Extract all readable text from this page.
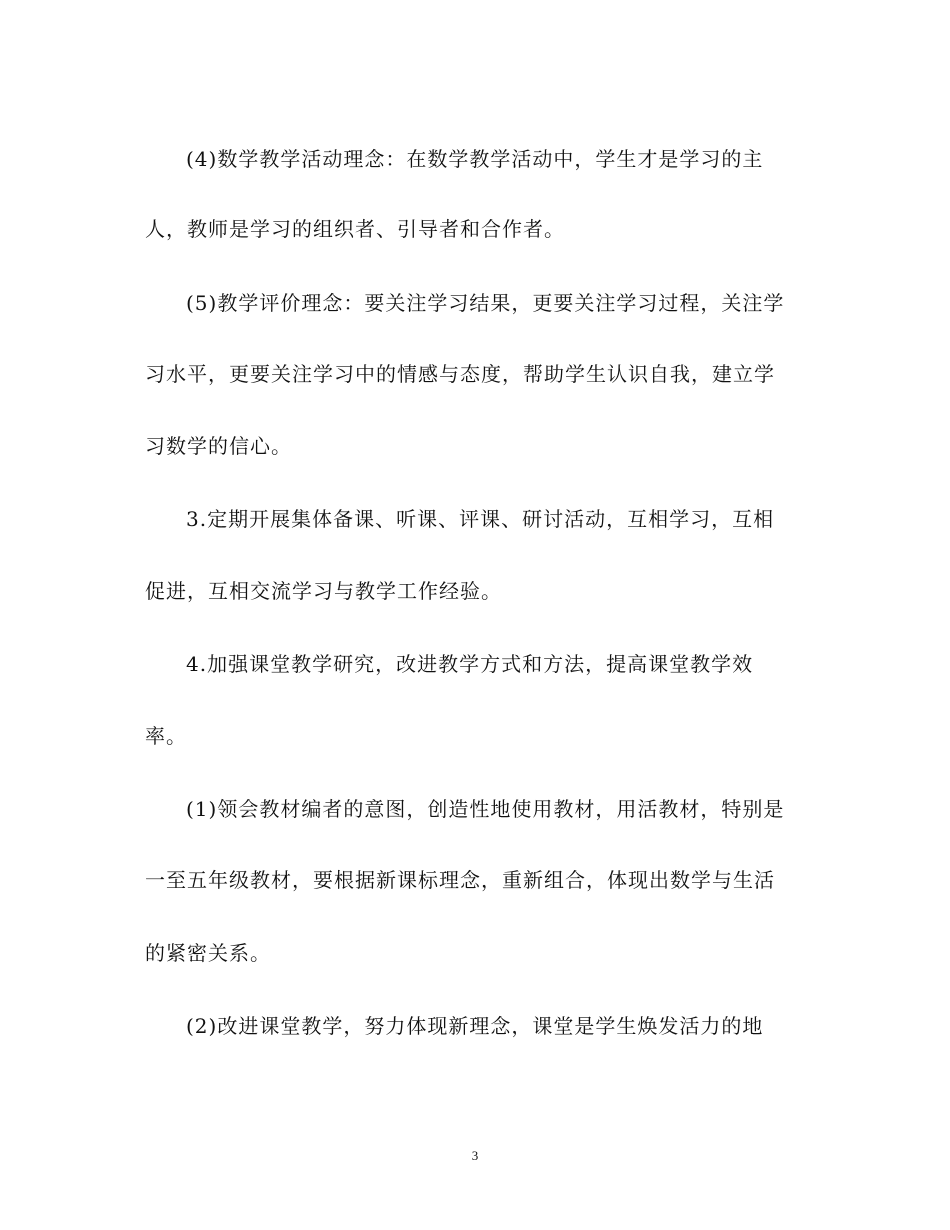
(4)数学教学活动理念：在数学教学活动中，学生才是学习的主
人，教师是学习的组织者、引导者和合作者。
(5)教学评价理念：要关注学习结果，更要关注学习过程，关注学
习水平，更要关注学习中的情感与态度，帮助学生认识自我，建立学
习数学的信心。
3.定期开展集体备课、听课、评课、研讨活动，互相学习，互相
促进，互相交流学习与教学工作经验。
4.加强课堂教学研究，改进教学方式和方法，提高课堂教学效
率。
(1)领会教材编者的意图，创造性地使用教材，用活教材，特别是
一至五年级教材，要根据新课标理念，重新组合，体现出数学与生活
的紧密关系。
(2)改进课堂教学，努力体现新理念，课堂是学生焕发活力的地
3
